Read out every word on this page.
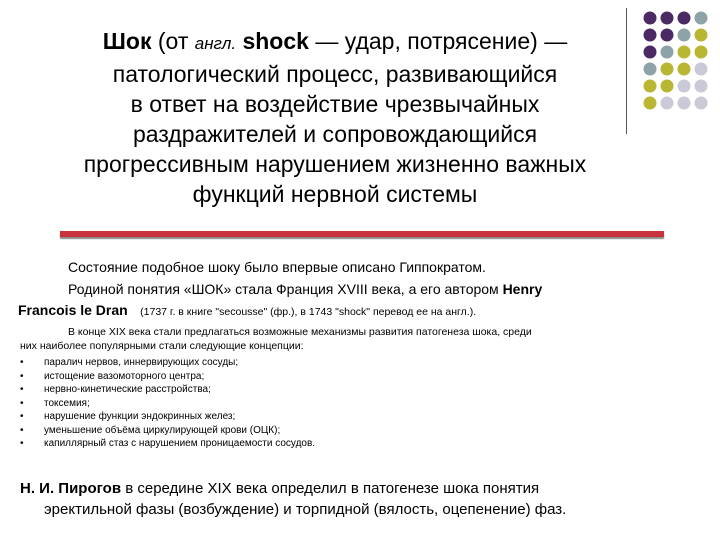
Шок (от англ. shock — удар, потрясение) —
патологический процесс, развивающийся
в ответ на воздействие чрезвычайных
раздражителей и сопровождающийся
прогрессивным нарушением жизненно важных
функций нервной системы
Состояние подобное шоку было впервые описано Гиппократом.
Родиной понятия «ШОК» стала Франция XVIII века, а его автором Henry
Francois le Dran (1737 г. в книге "secousse" (фр.), в 1743 "shock" перевод ее на англ.).
В конце XIX века стали предлагаться возможные механизмы развития патогенеза шока, среди
них наиболее популярными стали следующие концепции:
• паралич нервов, иннервирующих сосуды;
• истощение вазомоторного центра;
• нервно-кинетические расстройства;
• токсемия;
• нарушение функции эндокринных желез;
• уменьшение объёма циркулирующей крови (ОЦК);
• капиллярный стаз с нарушением проницаемости сосудов.
Н. И. Пирогов в середине XIX века определил в патогенезе шока понятия
эректильной фазы (возбуждение) и торпидной (вялость, оцепенение) фаз.
